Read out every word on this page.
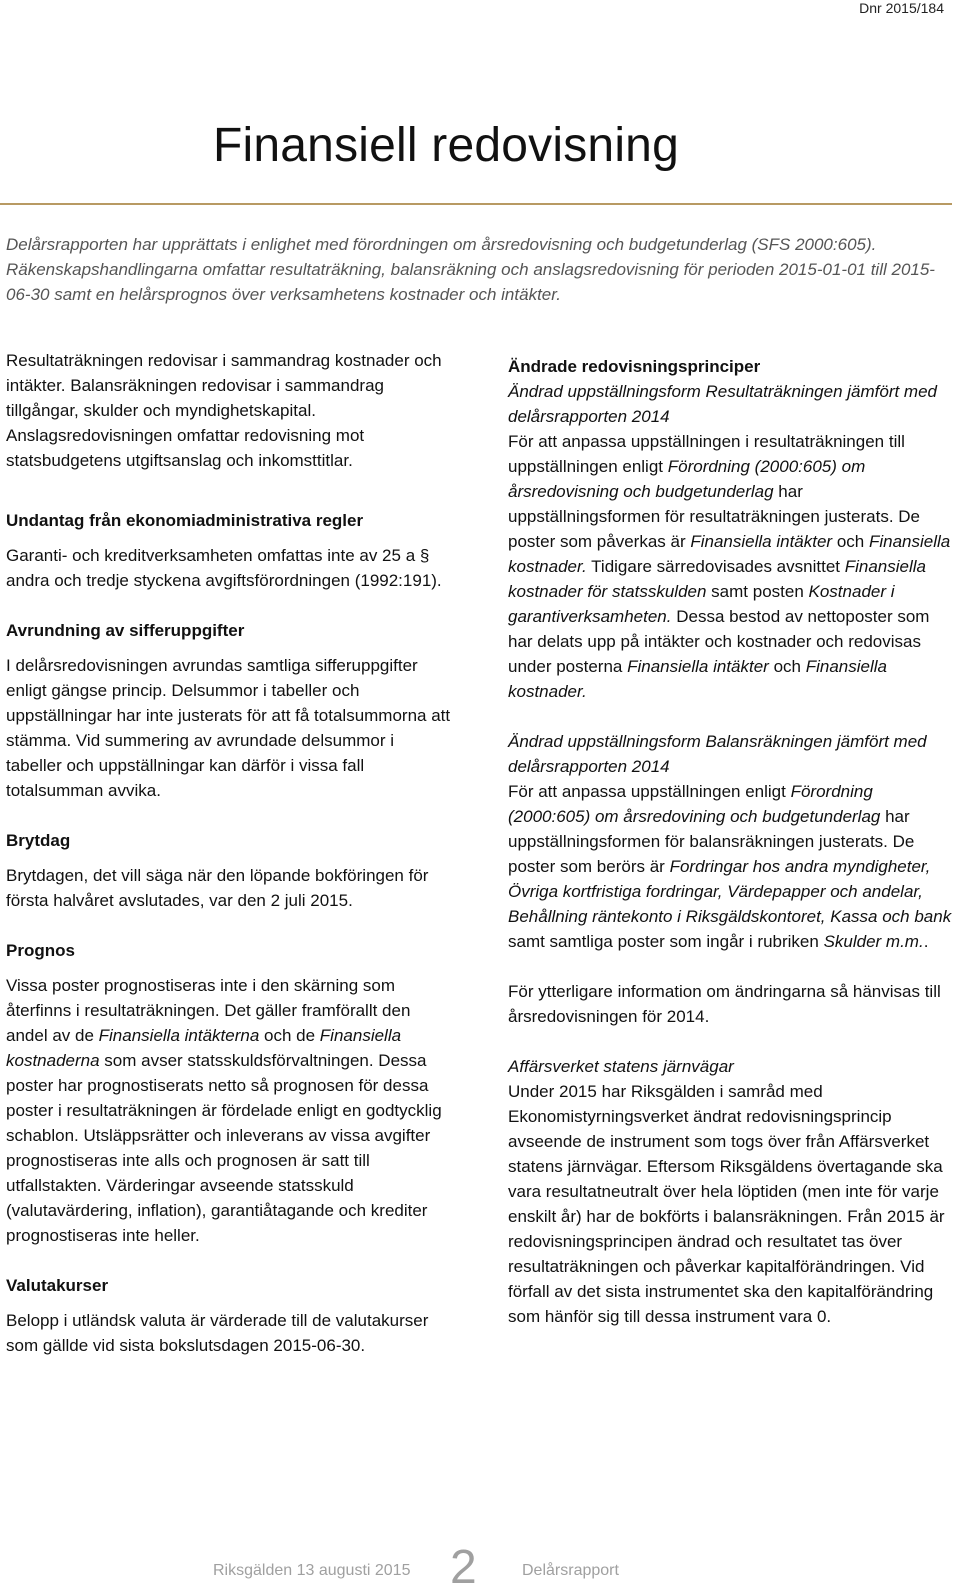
Dnr 2015/184
Finansiell redovisning

Delårsrapporten har upprättats i enlighet med förordningen om årsredovisning och budgetunderlag (SFS 2000:605). Räkenskapshandlingarna omfattar resultaträkning, balansräkning och anslagsredovisning för perioden 2015-01-01 till 2015-06-30 samt en helårsprognos över verksamhetens kostnader och intäkter.

Resultaträkningen redovisar i sammandrag kostnader och intäkter. Balansräkningen redovisar i sammandrag tillgångar, skulder och myndighetskapital. Anslagsredovisningen omfattar redovisning mot statsbudgetens utgiftsanslag och inkomsttitlar.

Undantag från ekonomiadministrativa regler

Garanti- och kreditverksamheten omfattas inte av 25 a § andra och tredje styckena avgiftsförordningen (1992:191).

Avrundning av sifferuppgifter

I delårsredovisningen avrundas samtliga sifferuppgifter enligt gängse princip. Delsummor i tabeller och uppställningar har inte justerats för att få totalsummorna att stämma. Vid summering av avrundade delsummor i tabeller och uppställningar kan därför i vissa fall totalsumman avvika.

Brytdag

Brytdagen, det vill säga när den löpande bokföringen för första halvåret avslutades, var den 2 juli 2015.

Prognos

Vissa poster prognostiseras inte i den skärning som återfinns i resultaträkningen. Det gäller framförallt den andel av de Finansiella intäkterna och de Finansiella kostnaderna som avser statsskuldsförvaltningen. Dessa poster har prognostiserats netto så prognosen för dessa poster i resultaträkningen är fördelade enligt en godtycklig schablon. Utsläppsrätter och inleverans av vissa avgifter prognostiseras inte alls och prognosen är satt till utfallstakten. Värderingar avseende statsskuld (valutavärdering, inflation), garantiåtagande och krediter prognostiseras inte heller.

Valutakurser

Belopp i utländsk valuta är värderade till de valutakurser som gällde vid sista bokslutsdagen 2015-06-30.

Ändrade redovisningsprinciper

Ändrad uppställningsform Resultaträkningen jämfört med delårsrapporten 2014

För att anpassa uppställningen i resultaträkningen till uppställningen enligt Förordning (2000:605) om årsredovisning och budgetunderlag har uppställningsformen för resultaträkningen justerats. De poster som påverkas är Finansiella intäkter och Finansiella kostnader. Tidigare särredovisades avsnittet Finansiella kostnader för statsskulden samt posten Kostnader i garantiverksamheten. Dessa bestod av nettoposter som har delats upp på intäkter och kostnader och redovisas under posterna Finansiella intäkter och Finansiella kostnader.

Ändrad uppställningsform Balansräkningen jämfört med delårsrapporten 2014

För att anpassa uppställningen enligt Förordning (2000:605) om årsredovining och budgetunderlag har uppställningsformen för balansräkningen justerats. De poster som berörs är Fordringar hos andra myndigheter, Övriga kortfristiga fordringar, Värdepapper och andelar, Behållning räntekonto i Riksgäldskontoret, Kassa och bank samt samtliga poster som ingår i rubriken Skulder m.m..

För ytterligare information om ändringarna så hänvisas till årsredovisningen för 2014.

Affärsverket statens järnvägar

Under 2015 har Riksgälden i samråd med Ekonomistyrningsverket ändrat redovisningsprincip avseende de instrument som togs över från Affärsverket statens järnvägar. Eftersom Riksgäldens övertagande ska vara resultatneutralt över hela löptiden (men inte för varje enskilt år) har de bokförts i balansräkningen. Från 2015 är redovisningsprincipen ändrad och resultatet tas över resultaträkningen och påverkar kapitalförändringen. Vid förfall av det sista instrumentet ska den kapitalförändring som hänför sig till dessa instrument vara 0.

Riksgälden 13 augusti 2015 2	Delårsrapport
